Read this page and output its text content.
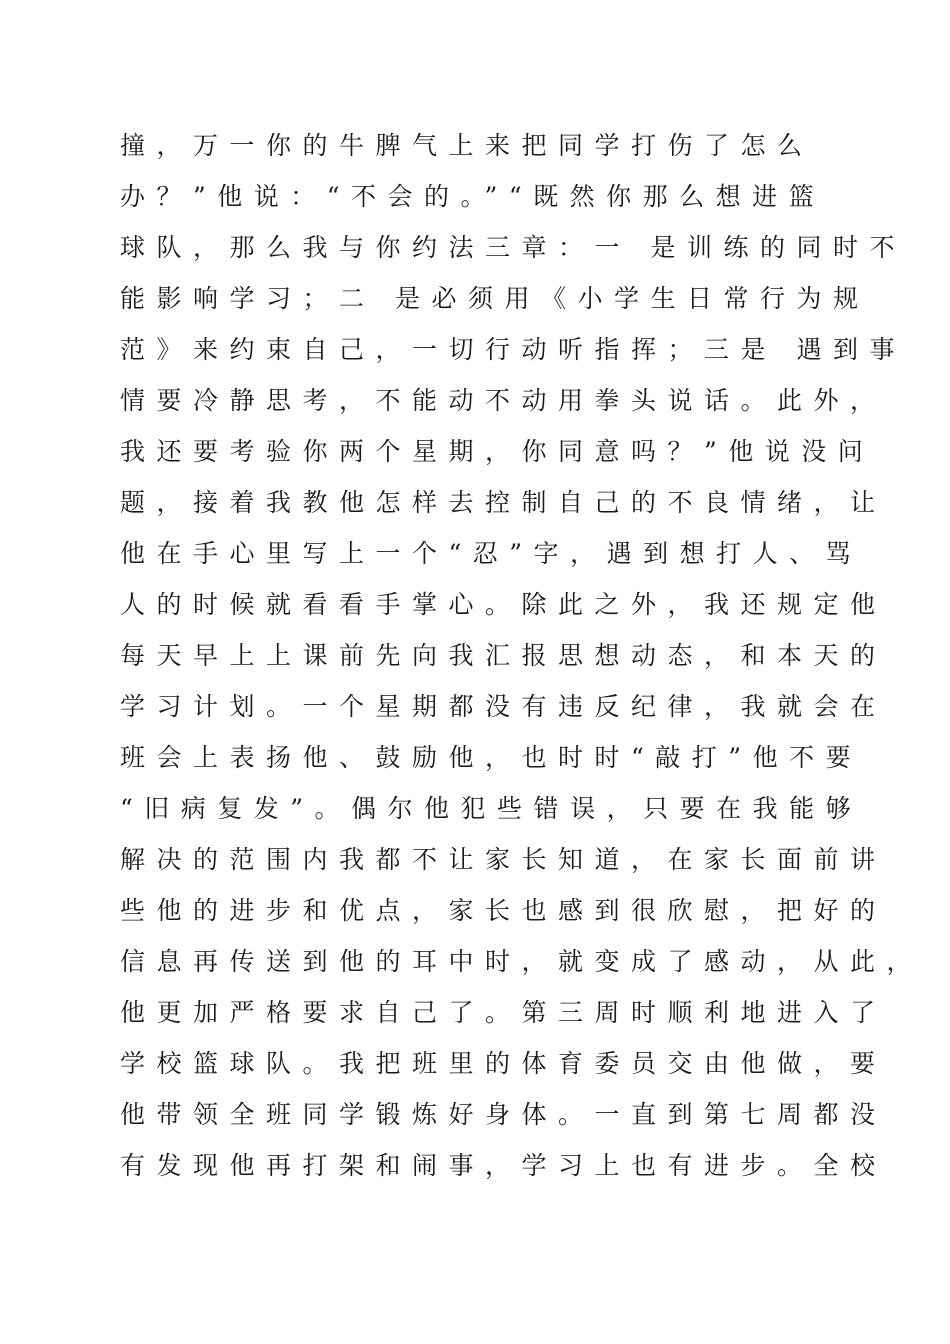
撞，万一你的牛脾气上来把同学打伤了怎么
办？”他说：“不会的。”“既然你那么想进篮
球队，那么我与你约法三章：一 是训练的同时不
能影响学习；二 是必须用《小学生日常行为规
范》来约束自己，一切行动听指挥；三是 遇到事
情要冷静思考，不能动不动用拳头说话。此外，
我还要考验你两个星期，你同意吗？”他说没问
题，接着我教他怎样去控制自己的不良情绪，让
他在手心里写上一个“忍”字，遇到想打人、骂
人的时候就看看手掌心。除此之外，我还规定他
每天早上上课前先向我汇报思想动态，和本天的
学习计划。一个星期都没有违反纪律，我就会在
班会上表扬他、鼓励他，也时时“敲打”他不要
“旧病复发”。偶尔他犯些错误，只要在我能够
解决的范围内我都不让家长知道，在家长面前讲
些他的进步和优点，家长也感到很欣慰，把好的
信息再传送到他的耳中时，就变成了感动，从此，
他更加严格要求自己了。第三周时顺利地进入了
学校篮球队。我把班里的体育委员交由他做，要
他带领全班同学锻炼好身体。一直到第七周都没
有发现他再打架和闹事，学习上也有进步。全校
